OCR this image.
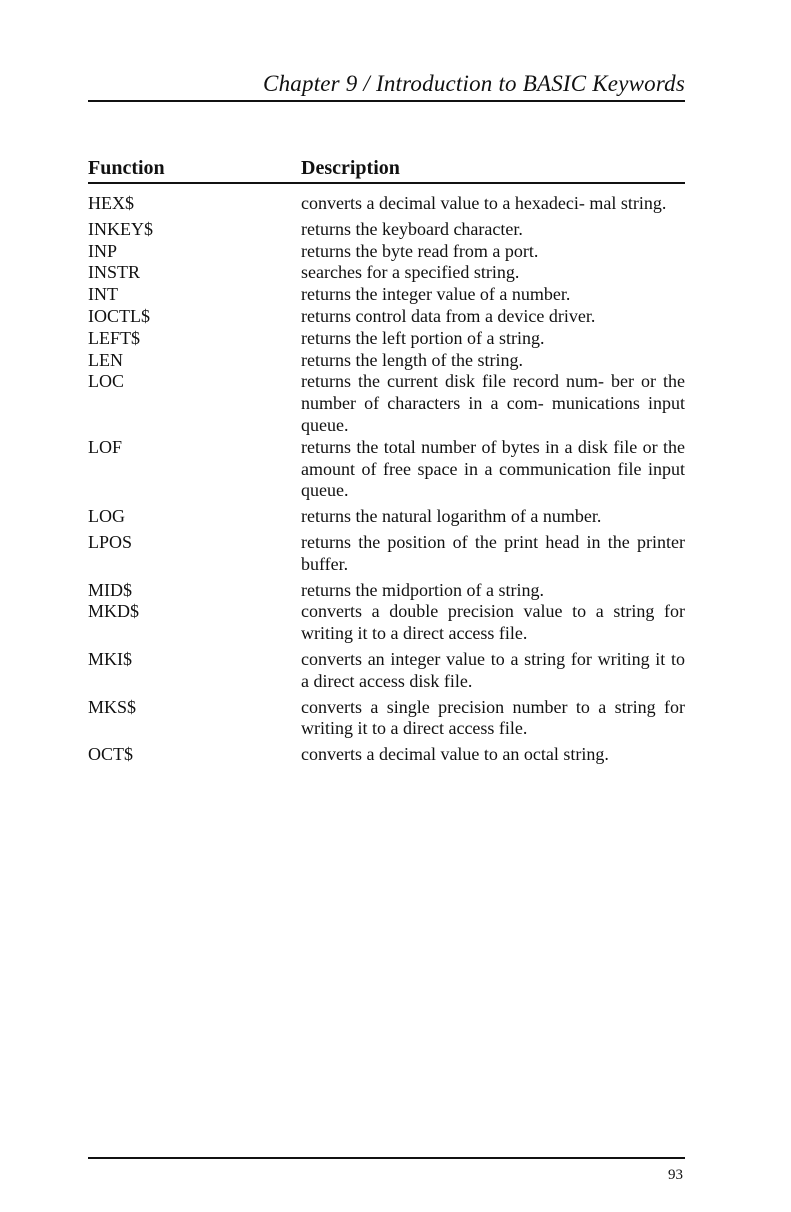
Chapter 9 / Introduction to BASIC Keywords
Function	Description
HEX$	converts a decimal value to a hexadeci- mal string.
INKEY$	returns the keyboard character.
INP	returns the byte read from a port.
INSTR	searches for a specified string.
INT	returns the integer value of a number.
IOCTL$	returns control data from a device driver.
LEFT$	returns the left portion of a string.
LEN	returns the length of the string.
LOC	returns the current disk file record num- ber or the number of characters in a com- munications input queue.
LOF	returns the total number of bytes in a disk file or the amount of free space in a communication file input queue.
LOG	returns the natural logarithm of a number.
LPOS	returns the position of the print head in the printer buffer.
MID$	returns the midportion of a string.
MKD$	converts a double precision value to a string for writing it to a direct access file.
MKI$	converts an integer value to a string for writing it to a direct access disk file.
MKS$	converts a single precision number to a string for writing it to a direct access file.
OCT$	converts a decimal value to an octal string.
93
